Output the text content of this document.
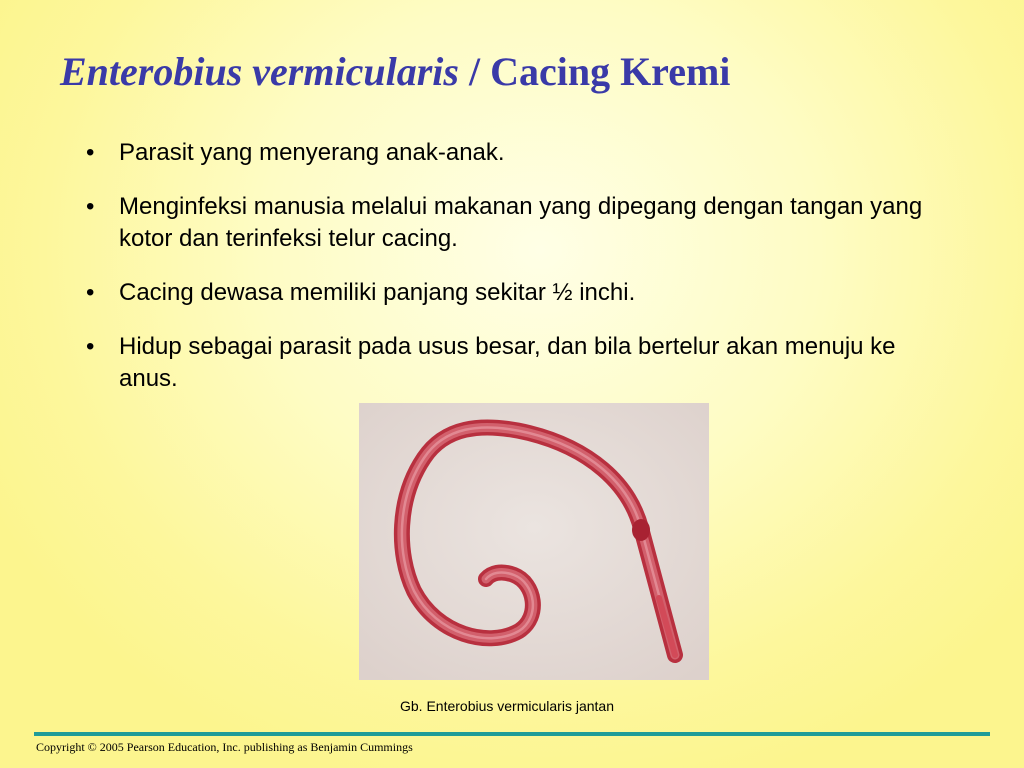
Enterobius vermicularis / Cacing Kremi
• Parasit yang menyerang anak-anak.
• Menginfeksi manusia melalui makanan yang dipegang dengan tangan yang kotor dan terinfeksi telur cacing.
• Cacing dewasa memiliki panjang sekitar ½ inchi.
• Hidup sebagai parasit pada usus besar, dan bila bertelur akan menuju ke anus.
Gb. Enterobius vermicularis jantan
Copyright © 2005 Pearson Education, Inc. publishing as Benjamin Cummings
